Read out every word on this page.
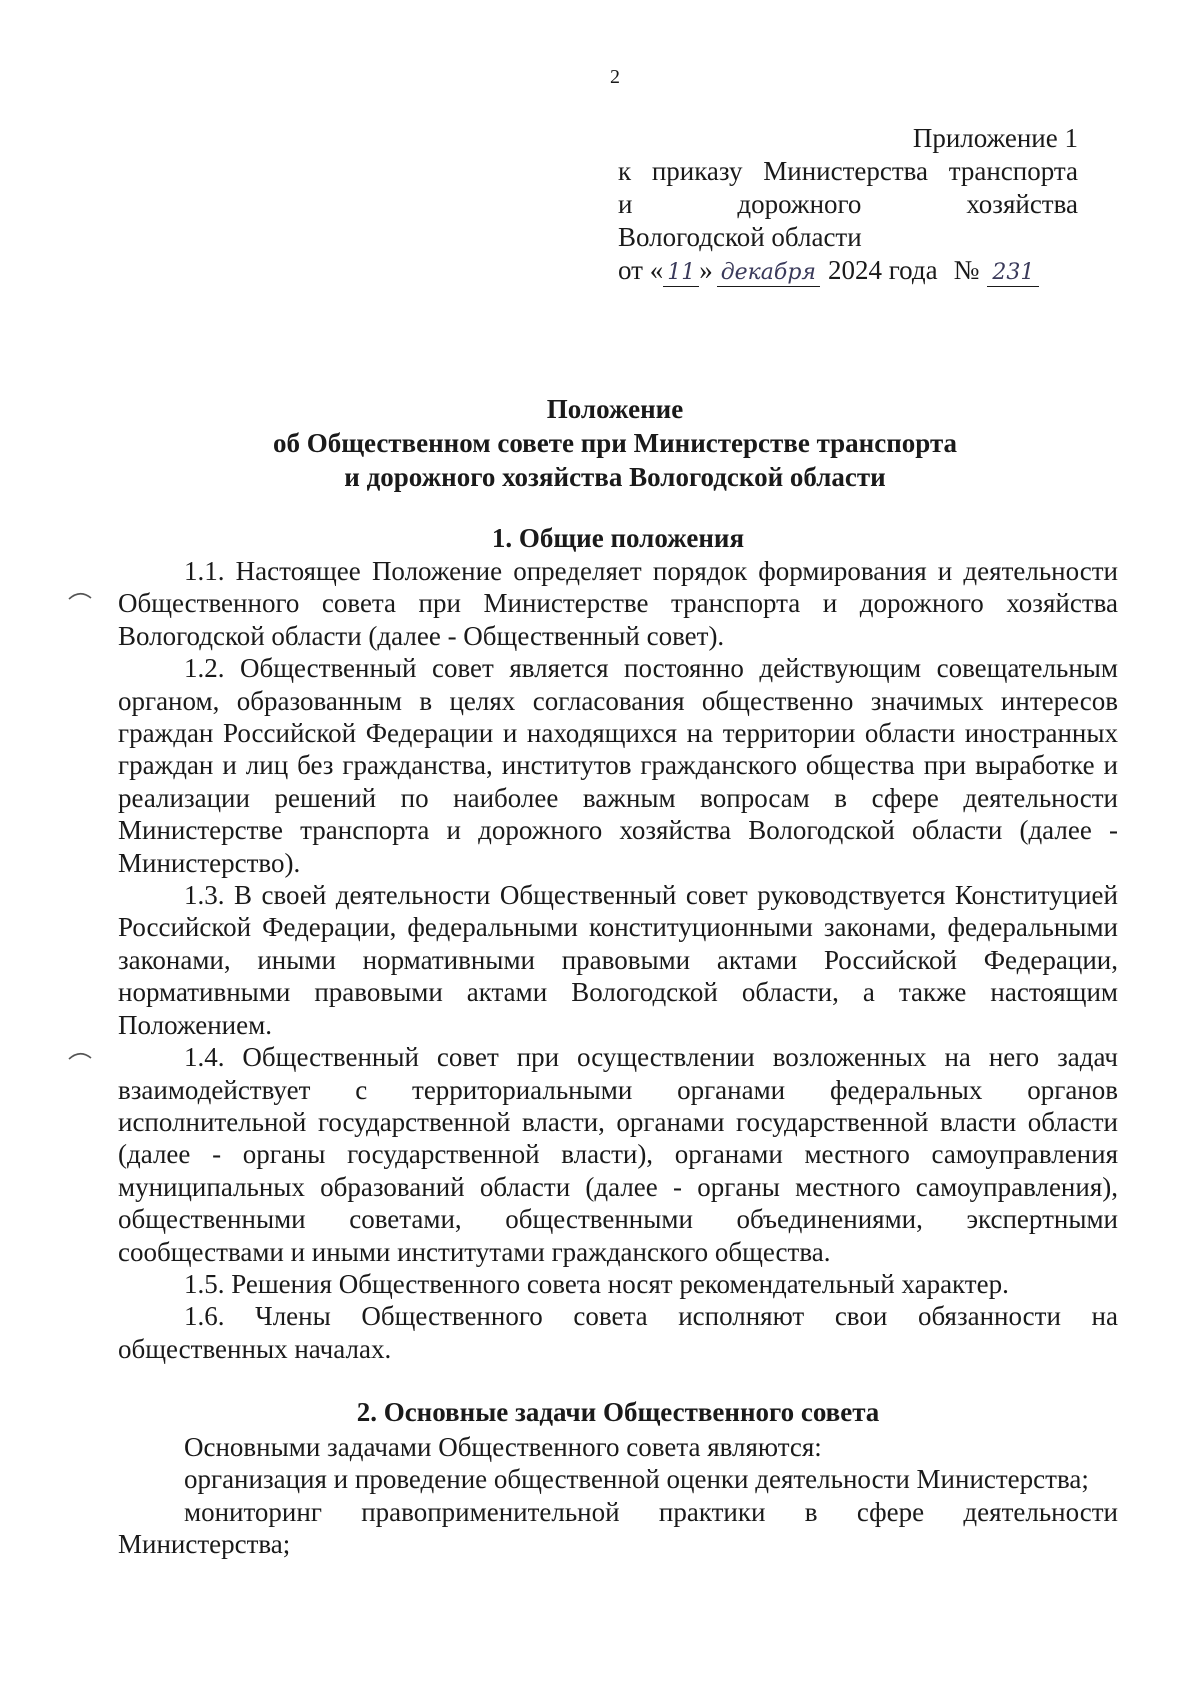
2
Приложение 1
к приказу Министерства транспорта
и	дорожного	хозяйства
Вологодской области
от « 11 » декабря 2024 года № 231
Положение
об Общественном совете при Министерстве транспорта
и дорожного хозяйства Вологодской области
1. Общие положения

1.1. Настоящее Положение определяет порядок формирования и деятельности Общественного совета при Министерстве транспорта и дорожного хозяйства Вологодской области (далее - Общественный совет).

1.2. Общественный совет является постоянно действующим совещательным органом, образованным в целях согласования общественно значимых интересов граждан Российской Федерации и находящихся на территории области иностранных граждан и лиц без гражданства, институтов гражданского общества при выработке и реализации решений по наиболее важным вопросам в сфере деятельности Министерстве транспорта и дорожного хозяйства Вологодской области (далее - Министерство).

1.3. В своей деятельности Общественный совет руководствуется Конституцией Российской Федерации, федеральными конституционными законами, федеральными законами, иными нормативными правовыми актами Российской Федерации, нормативными правовыми актами Вологодской области, а также настоящим Положением.

1.4. Общественный совет при осуществлении возложенных на него задач взаимодействует с территориальными органами федеральных органов исполнительной государственной власти, органами государственной власти области (далее - органы государственной власти), органами местного самоуправления муниципальных образований области (далее - органы местного самоуправления), общественными советами, общественными объединениями, экспертными сообществами и иными институтами гражданского общества.

1.5. Решения Общественного совета носят рекомендательный характер.

1.6. Члены Общественного совета исполняют свои обязанности на общественных началах.

2. Основные задачи Общественного совета

Основными задачами Общественного совета являются:

организация и проведение общественной оценки деятельности Министерства;

мониторинг правоприменительной практики в сфере деятельности Министерства;
